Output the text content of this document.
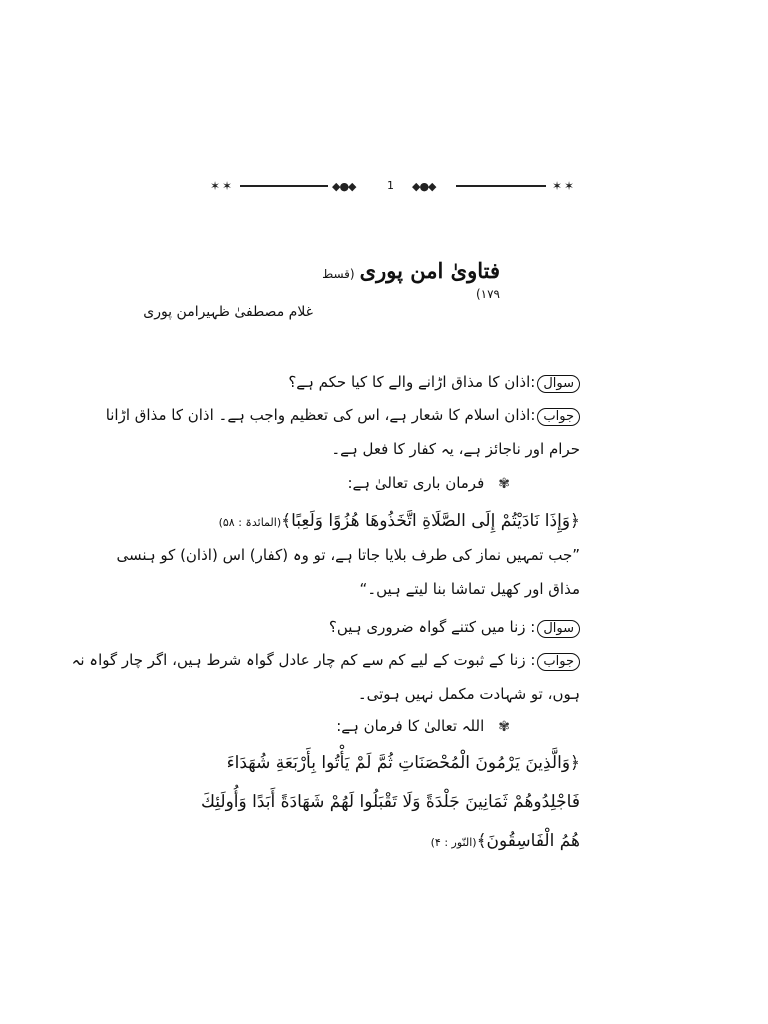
✶✶	◆●◆	1 ◆●◆	✶✶
فتاویٰ امن پوری (قسط ۱۷۹)
غلام مصطفیٰ ظہیرامن پوری
سوال:اذان کا مذاق اڑانے والے کا کیا حکم ہے؟
جواب:اذان اسلام کا شعار ہے، اس کی تعظیم واجب ہے۔ اذان کا مذاق اڑانا
حرام اور ناجائز ہے، یہ کفار کا فعل ہے۔
✾فرمان باری تعالیٰ ہے:
﴿وَإِذَا نَادَيْتُمْ إِلَى الصَّلَاةِ اتَّخَذُوهَا هُزُوًا وَلَعِبًا﴾(المائدۃ : ۵۸)
”جب تمہیں نماز کی طرف بلایا جاتا ہے، تو وہ (کفار) اس (اذان) کو ہنسی
مذاق اور کھیل تماشا بنا لیتے ہیں۔“
سوال: زنا میں کتنے گواہ ضروری ہیں؟
جواب: زنا کے ثبوت کے لیے کم سے کم چار عادل گواہ شرط ہیں، اگر چار گواہ نہ
ہوں، تو شہادت مکمل نہیں ہوتی۔
✾اللہ تعالیٰ کا فرمان ہے:
﴿وَالَّذِينَ يَرْمُونَ الْمُحْصَنَاتِ ثُمَّ لَمْ يَأْتُوا بِأَرْبَعَةِ شُهَدَاءَ
فَاجْلِدُوهُمْ ثَمَانِينَ جَلْدَةً وَلَا تَقْبَلُوا لَهُمْ شَهَادَةً أَبَدًا وَأُولَئِكَ
هُمُ الْفَاسِقُونَ﴾(النّور : ۴)
